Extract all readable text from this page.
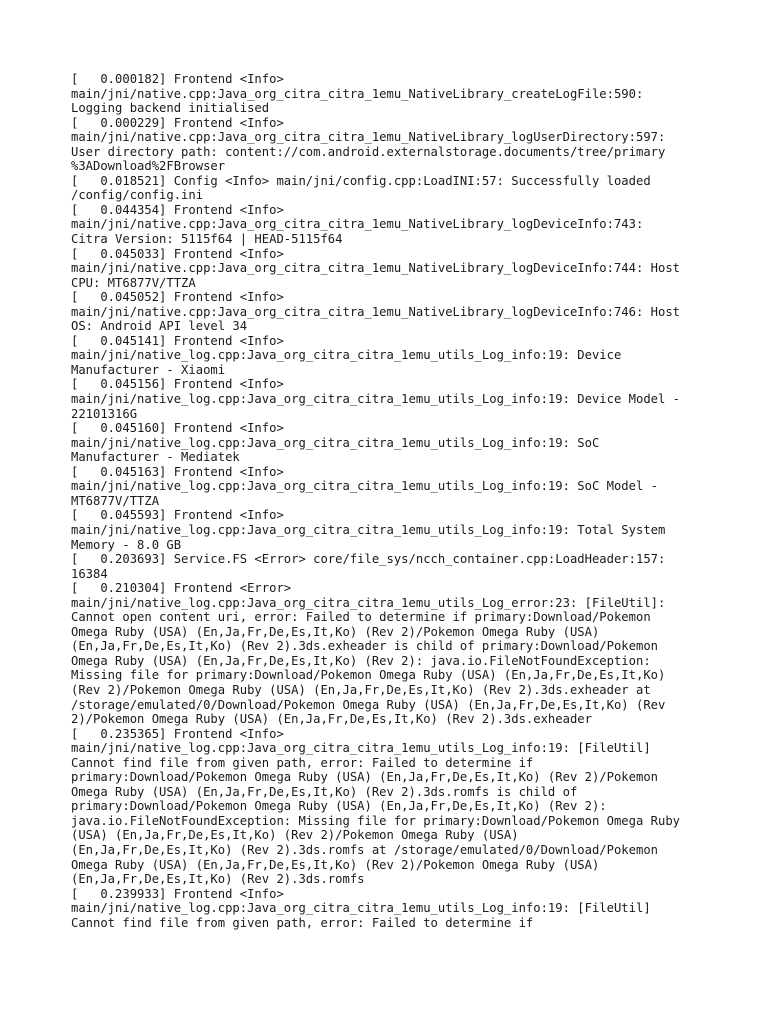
[   0.000182] Frontend <Info>
main/jni/native.cpp:Java_org_citra_citra_1emu_NativeLibrary_createLogFile:590:
Logging backend initialised
[   0.000229] Frontend <Info>
main/jni/native.cpp:Java_org_citra_citra_1emu_NativeLibrary_logUserDirectory:597:
User directory path: content://com.android.externalstorage.documents/tree/primary
%3ADownload%2FBrowser
[   0.018521] Config <Info> main/jni/config.cpp:LoadINI:57: Successfully loaded
/config/config.ini
[   0.044354] Frontend <Info>
main/jni/native.cpp:Java_org_citra_citra_1emu_NativeLibrary_logDeviceInfo:743:
Citra Version: 5115f64 | HEAD-5115f64
[   0.045033] Frontend <Info>
main/jni/native.cpp:Java_org_citra_citra_1emu_NativeLibrary_logDeviceInfo:744: Host
CPU: MT6877V/TTZA
[   0.045052] Frontend <Info>
main/jni/native.cpp:Java_org_citra_citra_1emu_NativeLibrary_logDeviceInfo:746: Host
OS: Android API level 34
[   0.045141] Frontend <Info>
main/jni/native_log.cpp:Java_org_citra_citra_1emu_utils_Log_info:19: Device
Manufacturer - Xiaomi
[   0.045156] Frontend <Info>
main/jni/native_log.cpp:Java_org_citra_citra_1emu_utils_Log_info:19: Device Model -
22101316G
[   0.045160] Frontend <Info>
main/jni/native_log.cpp:Java_org_citra_citra_1emu_utils_Log_info:19: SoC
Manufacturer - Mediatek
[   0.045163] Frontend <Info>
main/jni/native_log.cpp:Java_org_citra_citra_1emu_utils_Log_info:19: SoC Model -
MT6877V/TTZA
[   0.045593] Frontend <Info>
main/jni/native_log.cpp:Java_org_citra_citra_1emu_utils_Log_info:19: Total System
Memory - 8.0 GB
[   0.203693] Service.FS <Error> core/file_sys/ncch_container.cpp:LoadHeader:157:
16384
[   0.210304] Frontend <Error>
main/jni/native_log.cpp:Java_org_citra_citra_1emu_utils_Log_error:23: [FileUtil]:
Cannot open content uri, error: Failed to determine if primary:Download/Pokemon
Omega Ruby (USA) (En,Ja,Fr,De,Es,It,Ko) (Rev 2)/Pokemon Omega Ruby (USA)
(En,Ja,Fr,De,Es,It,Ko) (Rev 2).3ds.exheader is child of primary:Download/Pokemon
Omega Ruby (USA) (En,Ja,Fr,De,Es,It,Ko) (Rev 2): java.io.FileNotFoundException:
Missing file for primary:Download/Pokemon Omega Ruby (USA) (En,Ja,Fr,De,Es,It,Ko)
(Rev 2)/Pokemon Omega Ruby (USA) (En,Ja,Fr,De,Es,It,Ko) (Rev 2).3ds.exheader at
/storage/emulated/0/Download/Pokemon Omega Ruby (USA) (En,Ja,Fr,De,Es,It,Ko) (Rev
2)/Pokemon Omega Ruby (USA) (En,Ja,Fr,De,Es,It,Ko) (Rev 2).3ds.exheader
[   0.235365] Frontend <Info>
main/jni/native_log.cpp:Java_org_citra_citra_1emu_utils_Log_info:19: [FileUtil]
Cannot find file from given path, error: Failed to determine if
primary:Download/Pokemon Omega Ruby (USA) (En,Ja,Fr,De,Es,It,Ko) (Rev 2)/Pokemon
Omega Ruby (USA) (En,Ja,Fr,De,Es,It,Ko) (Rev 2).3ds.romfs is child of
primary:Download/Pokemon Omega Ruby (USA) (En,Ja,Fr,De,Es,It,Ko) (Rev 2):
java.io.FileNotFoundException: Missing file for primary:Download/Pokemon Omega Ruby
(USA) (En,Ja,Fr,De,Es,It,Ko) (Rev 2)/Pokemon Omega Ruby (USA)
(En,Ja,Fr,De,Es,It,Ko) (Rev 2).3ds.romfs at /storage/emulated/0/Download/Pokemon
Omega Ruby (USA) (En,Ja,Fr,De,Es,It,Ko) (Rev 2)/Pokemon Omega Ruby (USA)
(En,Ja,Fr,De,Es,It,Ko) (Rev 2).3ds.romfs
[   0.239933] Frontend <Info>
main/jni/native_log.cpp:Java_org_citra_citra_1emu_utils_Log_info:19: [FileUtil]
Cannot find file from given path, error: Failed to determine if
